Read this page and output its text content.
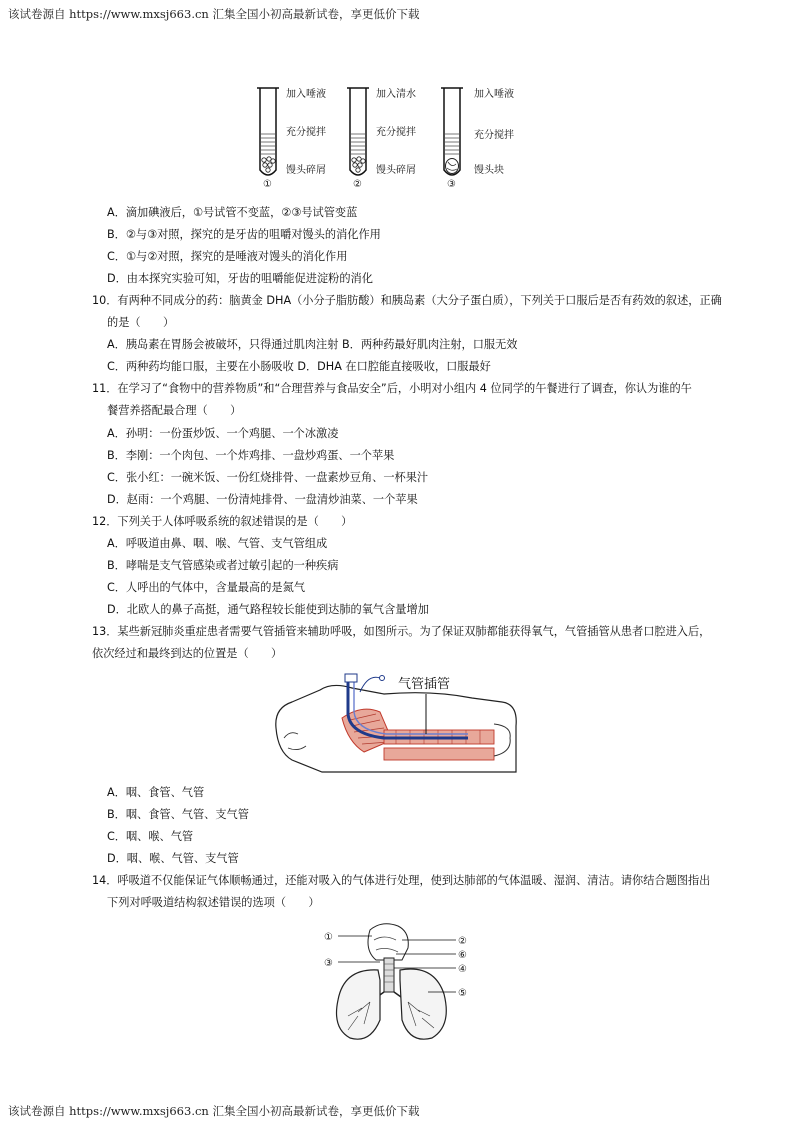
该试卷源自 https://www.mxsj663.cn 汇集全国小初高最新试卷，享更低价下载
加入唾液
充分搅拌
馒头碎屑
①
加入清水
充分搅拌
馒头碎屑
②
加入唾液
充分搅拌
馒头块
③
A．滴加碘液后，①号试管不变蓝，②③号试管变蓝
B．②与③对照，探究的是牙齿的咀嚼对馒头的消化作用
C．①与②对照，探究的是唾液对馒头的消化作用
D．由本探究实验可知，牙齿的咀嚼能促进淀粉的消化
10．有两种不同成分的药：脑黄金 DHA（小分子脂肪酸）和胰岛素（大分子蛋白质），下列关于口服后是否有药效的叙述，正确
的是（　　）
A．胰岛素在胃肠会被破坏，只得通过肌肉注射 B．两种药最好肌肉注射，口服无效
C．两种药均能口服，主要在小肠吸收 D．DHA 在口腔能直接吸收，口服最好
11．在学习了“食物中的营养物质”和“合理营养与食品安全”后，小明对小组内 4 位同学的午餐进行了调查，你认为谁的午
餐营养搭配最合理（　　）
A．孙明：一份蛋炒饭、一个鸡腿、一个冰激凌
B．李刚：一个肉包、一个炸鸡排、一盘炒鸡蛋、一个苹果
C．张小红：一碗米饭、一份红烧排骨、一盘素炒豆角、一杯果汁
D．赵雨：一个鸡腿、一份清炖排骨、一盘清炒油菜、一个苹果
12．下列关于人体呼吸系统的叙述错误的是（　　）
A．呼吸道由鼻、咽、喉、气管、支气管组成
B．哮喘是支气管感染或者过敏引起的一种疾病
C．人呼出的气体中，含量最高的是氮气
D．北欧人的鼻子高挺，通气路程较长能使到达肺的氧气含量增加
13．某些新冠肺炎重症患者需要气管插管来辅助呼吸，如图所示。为了保证双肺都能获得氧气，气管插管从患者口腔进入后，
依次经过和最终到达的位置是（　　）
气管插管
A．咽、食管、气管
B．咽、食管、气管、支气管
C．咽、喉、气管
D．咽、喉、气管、支气管
14．呼吸道不仅能保证气体顺畅通过，还能对吸入的气体进行处理，使到达肺部的气体温暖、湿润、清洁。请你结合题图指出
下列对呼吸道结构叙述错误的选项（　　）
①
③
②
⑥
④
⑤
该试卷源自 https://www.mxsj663.cn 汇集全国小初高最新试卷，享更低价下载
